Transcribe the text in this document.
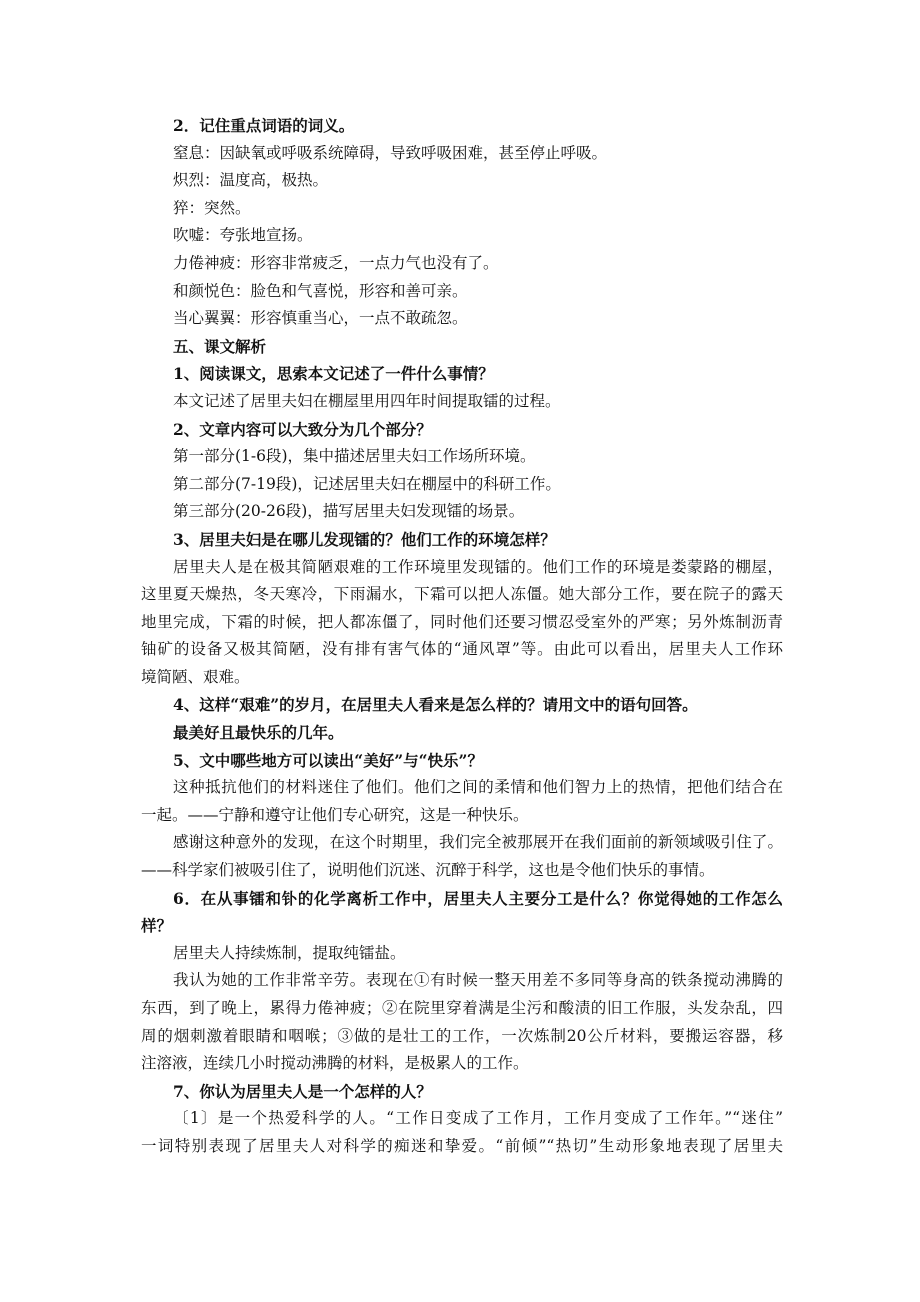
2．记住重点词语的词义。
窒息：因缺氧或呼吸系统障碍，导致呼吸困难，甚至停止呼吸。
炽烈：温度高，极热。
猝：突然。
吹嘘：夸张地宣扬。
力倦神疲：形容非常疲乏，一点力气也没有了。
和颜悦色：脸色和气喜悦，形容和善可亲。
当心翼翼：形容慎重当心，一点不敢疏忽。
五、课文解析
1、阅读课文，思索本文记述了一件什么事情？
本文记述了居里夫妇在棚屋里用四年时间提取镭的过程。
2、文章内容可以大致分为几个部分？
第一部分(1-6段)，集中描述居里夫妇工作场所环境。
第二部分(7-19段)，记述居里夫妇在棚屋中的科研工作。
第三部分(20-26段)，描写居里夫妇发现镭的场景。
3、居里夫妇是在哪儿发现镭的？他们工作的环境怎样？
居里夫人是在极其简陋艰难的工作环境里发现镭的。他们工作的环境是娄蒙路的棚屋，
这里夏天燥热，冬天寒冷，下雨漏水，下霜可以把人冻僵。她大部分工作，要在院子的露天
地里完成，下霜的时候，把人都冻僵了，同时他们还要习惯忍受室外的严寒；另外炼制沥青
铀矿的设备又极其简陋，没有排有害气体的“通风罩”等。由此可以看出，居里夫人工作环
境简陋、艰难。
4、这样“艰难”的岁月，在居里夫人看来是怎么样的？请用文中的语句回答。
最美好且最快乐的几年。
5、文中哪些地方可以读出“美好”与“快乐”？
这种抵抗他们的材料迷住了他们。他们之间的柔情和他们智力上的热情，把他们结合在
一起。——宁静和遵守让他们专心研究，这是一种快乐。
感谢这种意外的发现，在这个时期里，我们完全被那展开在我们面前的新领域吸引住了。
——科学家们被吸引住了，说明他们沉迷、沉醉于科学，这也是令他们快乐的事情。
6．在从事镭和钋的化学离析工作中，居里夫人主要分工是什么？你觉得她的工作怎么
样？
居里夫人持续炼制，提取纯镭盐。
我认为她的工作非常辛劳。表现在①有时候一整天用差不多同等身高的铁条搅动沸腾的
东西，到了晚上，累得力倦神疲；②在院里穿着满是尘污和酸渍的旧工作服，头发杂乱，四
周的烟刺激着眼睛和咽喉；③做的是壮工的工作，一次炼制20公斤材料，要搬运容器，移
注溶液，连续几小时搅动沸腾的材料，是极累人的工作。
7、你认为居里夫人是一个怎样的人？
〔1〕是一个热爱科学的人。“工作日变成了工作月，工作月变成了工作年。”“迷住”
一词特别表现了居里夫人对科学的痴迷和挚爱。“前倾”“热切”生动形象地表现了居里夫
